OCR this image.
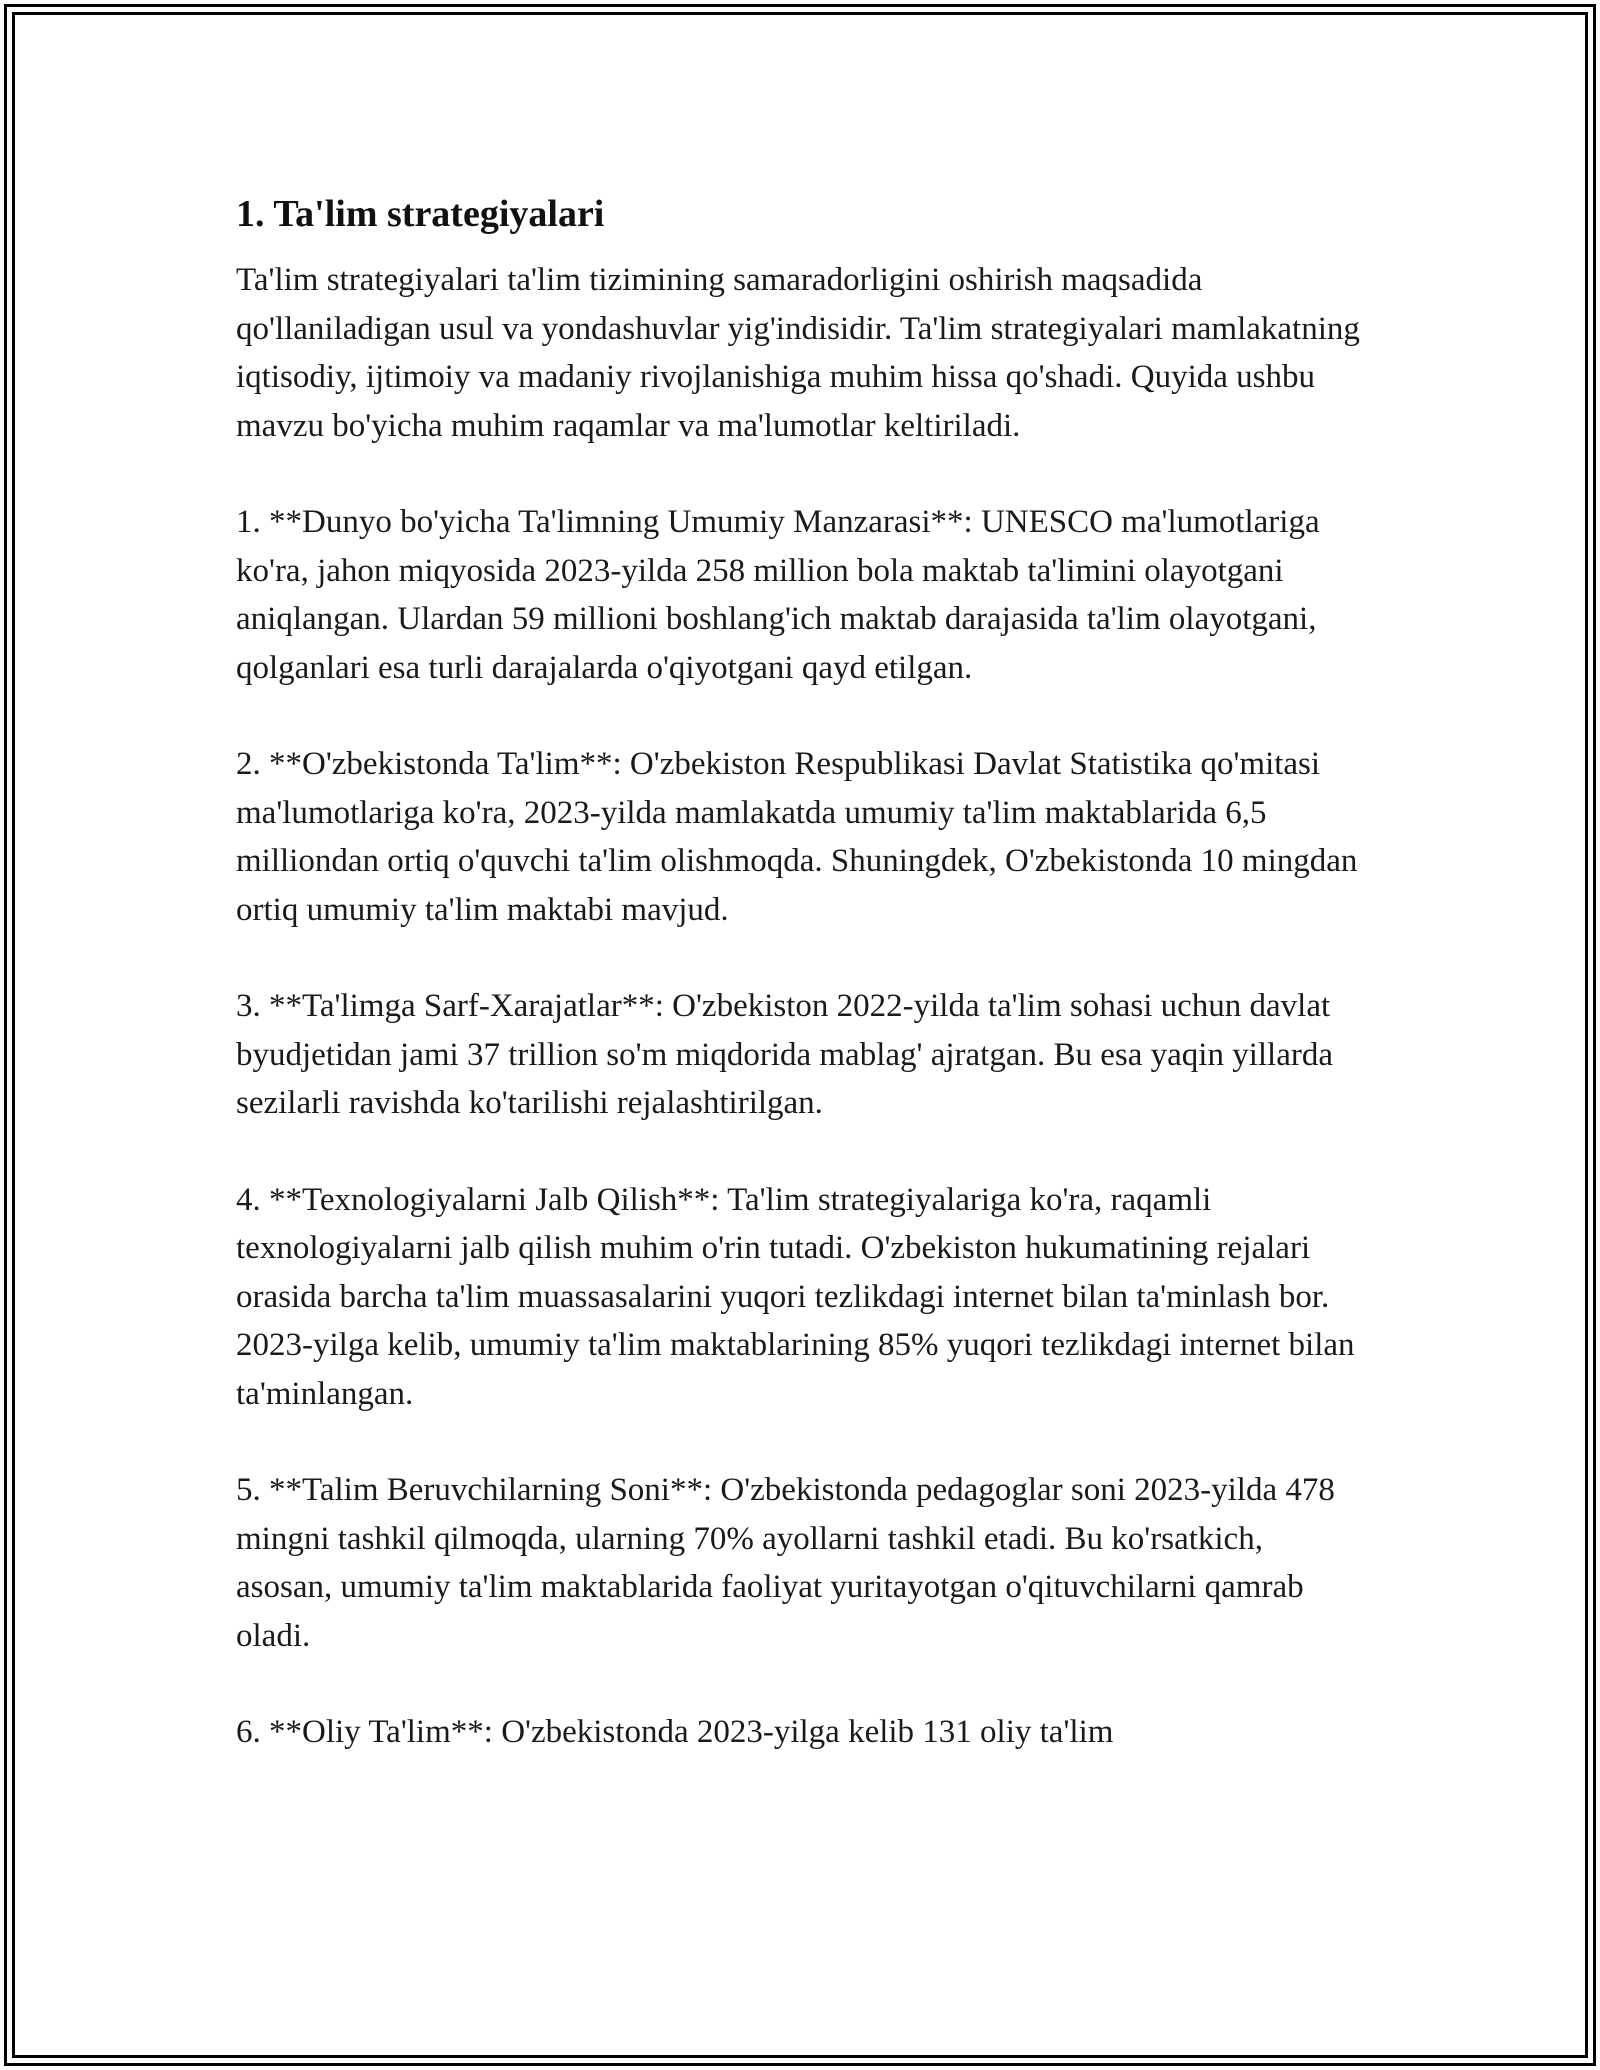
1. Ta'lim strategiyalari

Ta'lim strategiyalari ta'lim tizimining samaradorligini oshirish maqsadida qo'llaniladigan usul va yondashuvlar yig'indisidir. Ta'lim strategiyalari mamlakatning iqtisodiy, ijtimoiy va madaniy rivojlanishiga muhim hissa qo'shadi. Quyida ushbu mavzu bo'yicha muhim raqamlar va ma'lumotlar keltiriladi.

1. **Dunyo bo'yicha Ta'limning Umumiy Manzarasi**: UNESCO ma'lumotlariga ko'ra, jahon miqyosida 2023-yilda 258 million bola maktab ta'limini olayotgani aniqlangan. Ulardan 59 millioni boshlang'ich maktab darajasida ta'lim olayotgani, qolganlari esa turli darajalarda o'qiyotgani qayd etilgan.

2. **O'zbekistonda Ta'lim**: O'zbekiston Respublikasi Davlat Statistika qo'mitasi ma'lumotlariga ko'ra, 2023-yilda mamlakatda umumiy ta'lim maktablarida 6,5 milliondan ortiq o'quvchi ta'lim olishmoqda. Shuningdek, O'zbekistonda 10 mingdan ortiq umumiy ta'lim maktabi mavjud.

3. **Ta'limga Sarf-Xarajatlar**: O'zbekiston 2022-yilda ta'lim sohasi uchun davlat byudjetidan jami 37 trillion so'm miqdorida mablag' ajratgan. Bu esa yaqin yillarda sezilarli ravishda ko'tarilishi rejalashtirilgan.

4. **Texnologiyalarni Jalb Qilish**: Ta'lim strategiyalariga ko'ra, raqamli texnologiyalarni jalb qilish muhim o'rin tutadi. O'zbekiston hukumatining rejalari orasida barcha ta'lim muassasalarini yuqori tezlikdagi internet bilan ta'minlash bor. 2023-yilga kelib, umumiy ta'lim maktablarining 85% yuqori tezlikdagi internet bilan ta'minlangan.

5. **Talim Beruvchilarning Soni**: O'zbekistonda pedagoglar soni 2023-yilda 478 mingni tashkil qilmoqda, ularning 70% ayollarni tashkil etadi. Bu ko'rsatkich, asosan, umumiy ta'lim maktablarida faoliyat yuritayotgan o'qituvchilarni qamrab oladi.

6. **Oliy Ta'lim**: O'zbekistonda 2023-yilga kelib 131 oliy ta'lim
